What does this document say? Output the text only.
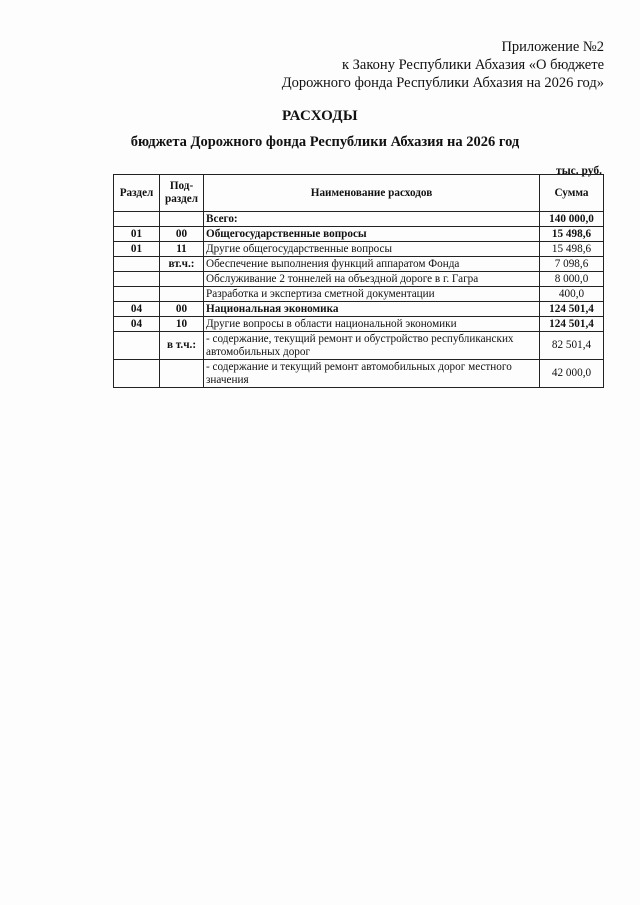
Приложение №2
к Закону Республики Абхазия «О бюджете
Дорожного фонда Республики Абхазия на 2026 год»
РАСХОДЫ
бюджета Дорожного фонда Республики Абхазия на 2026 год
тыс. руб.
Раздел	Под-раздел	Наименование расходов	Сумма
		Всего:	140 000,0
01	00	Общегосударственные вопросы	15 498,6
01	11	Другие общегосударственные вопросы	15 498,6
	вт.ч.:	Обеспечение выполнения функций аппаратом Фонда	7 098,6
		Обслуживание 2 тоннелей на объездной дороге в г. Гагра	8 000,0
		Разработка и экспертиза сметной документации	400,0
04	00	Национальная экономика	124 501,4
04	10	Другие вопросы в области национальной экономики	124 501,4
	в т.ч.:	- содержание, текущий ремонт и обустройство республиканских автомобильных дорог	82 501,4
		- содержание и текущий ремонт автомобильных дорог местного значения	42 000,0
